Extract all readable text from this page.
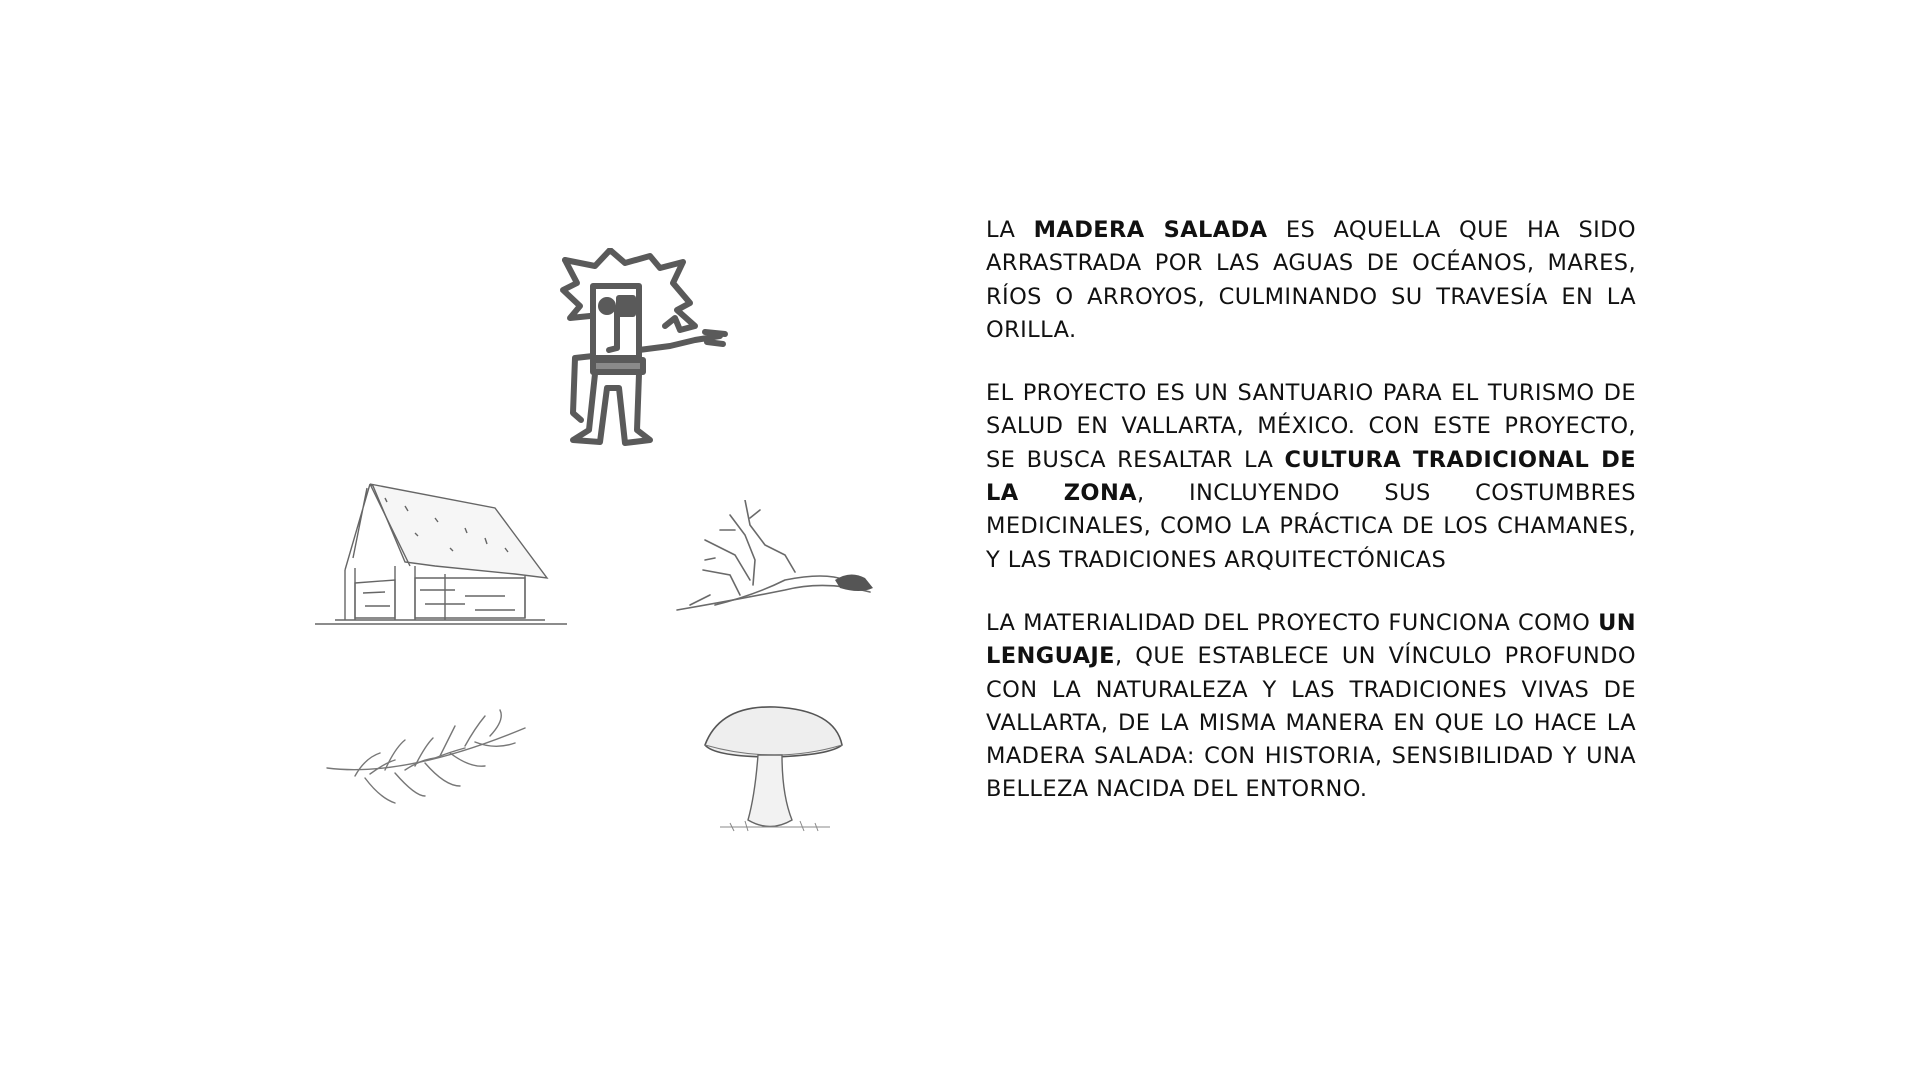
LA MADERA SALADA ES AQUELLA QUE HA SIDO ARRASTRADA POR LAS AGUAS DE OCÉANOS, MARES, RÍOS O ARROYOS, CULMINANDO SU TRAVESÍA EN LA ORILLA.

EL PROYECTO ES UN SANTUARIO PARA EL TURISMO DE SALUD EN VALLARTA, MÉXICO. CON ESTE PROYECTO, SE BUSCA RESALTAR LA CULTURA TRADICIONAL DE LA ZONA, INCLUYENDO SUS COSTUMBRES MEDICINALES, COMO LA PRÁCTICA DE LOS CHAMANES, Y LAS TRADICIONES ARQUITECTÓNICAS

LA MATERIALIDAD DEL PROYECTO FUNCIONA COMO UN LENGUAJE, QUE ESTABLECE UN VÍNCULO PROFUNDO CON LA NATURALEZA Y LAS TRADICIONES VIVAS DE VALLARTA, DE LA MISMA MANERA EN QUE LO HACE LA MADERA SALADA: CON HISTORIA, SENSIBILIDAD Y UNA BELLEZA NACIDA DEL ENTORNO.
